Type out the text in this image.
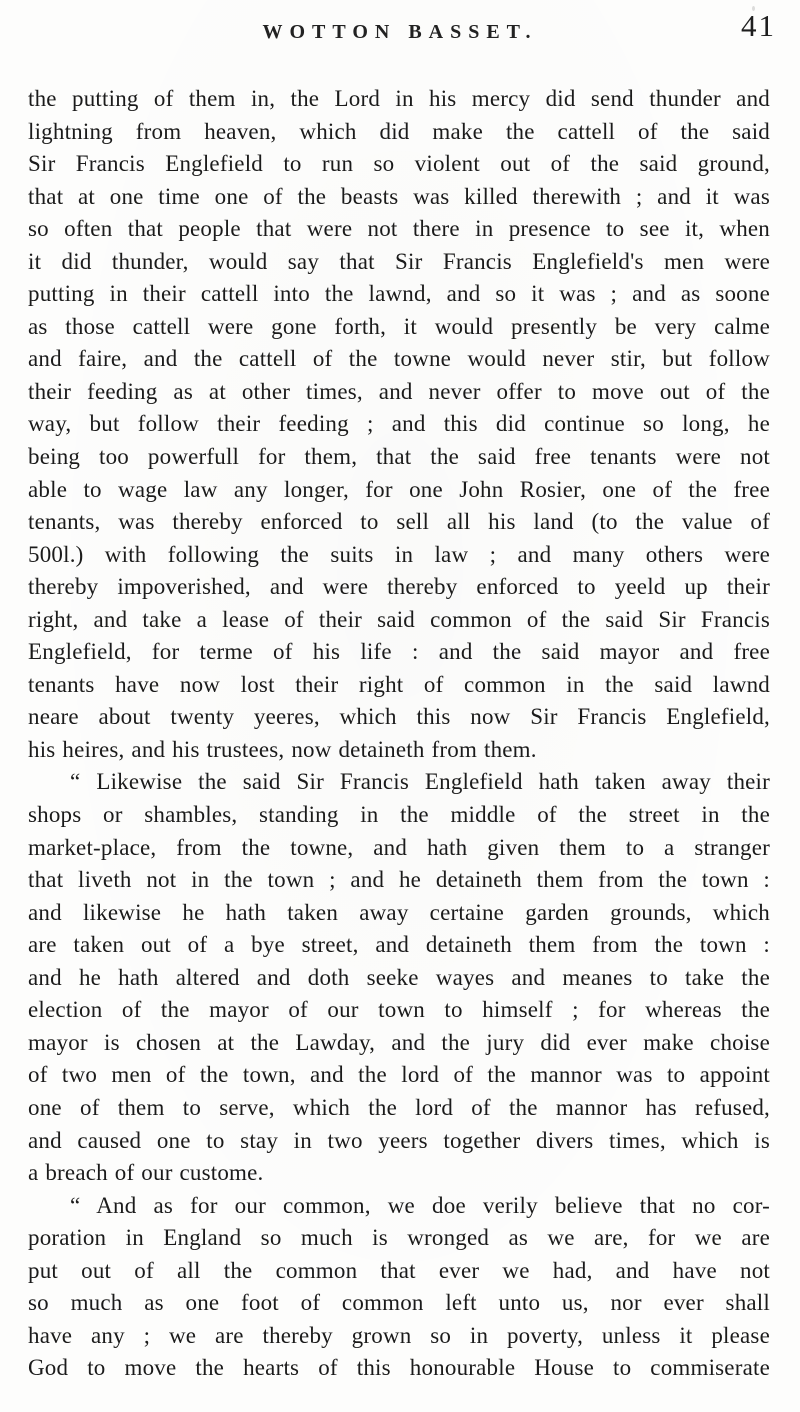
WOTTON BASSET.	41
the putting of them in, the Lord in his mercy did send thunder and
lightning from heaven, which did make the cattell of the said
Sir Francis Englefield to run so violent out of the said ground,
that at one time one of the beasts was killed therewith ; and it was
so often that people that were not there in presence to see it, when
it did thunder, would say that Sir Francis Englefield's men were
putting in their cattell into the lawnd, and so it was ; and as soone
as those cattell were gone forth, it would presently be very calme
and faire, and the cattell of the towne would never stir, but follow
their feeding as at other times, and never offer to move out of the
way, but follow their feeding ; and this did continue so long, he
being too powerfull for them, that the said free tenants were not
able to wage law any longer, for one John Rosier, one of the free
tenants, was thereby enforced to sell all his land (to the value of
500l.) with following the suits in law ; and many others were
thereby impoverished, and were thereby enforced to yeeld up their
right, and take a lease of their said common of the said Sir Francis
Englefield, for terme of his life : and the said mayor and free
tenants have now lost their right of common in the said lawnd
neare about twenty yeeres, which this now Sir Francis Englefield,
his heires, and his trustees, now detaineth from them.
“ Likewise the said Sir Francis Englefield hath taken away their
shops or shambles, standing in the middle of the street in the
market-place, from the towne, and hath given them to a stranger
that liveth not in the town ; and he detaineth them from the town :
and likewise he hath taken away certaine garden grounds, which
are taken out of a bye street, and detaineth them from the town :
and he hath altered and doth seeke wayes and meanes to take the
election of the mayor of our town to himself ; for whereas the
mayor is chosen at the Lawday, and the jury did ever make choise
of two men of the town, and the lord of the mannor was to appoint
one of them to serve, which the lord of the mannor has refused,
and caused one to stay in two yeers together divers times, which is
a breach of our custome.
“ And as for our common, we doe verily believe that no cor-
poration in England so much is wronged as we are, for we are
put out of all the common that ever we had, and have not
so much as one foot of common left unto us, nor ever shall
have any ; we are thereby grown so in poverty, unless it please
God to move the hearts of this honourable House to commiserate
